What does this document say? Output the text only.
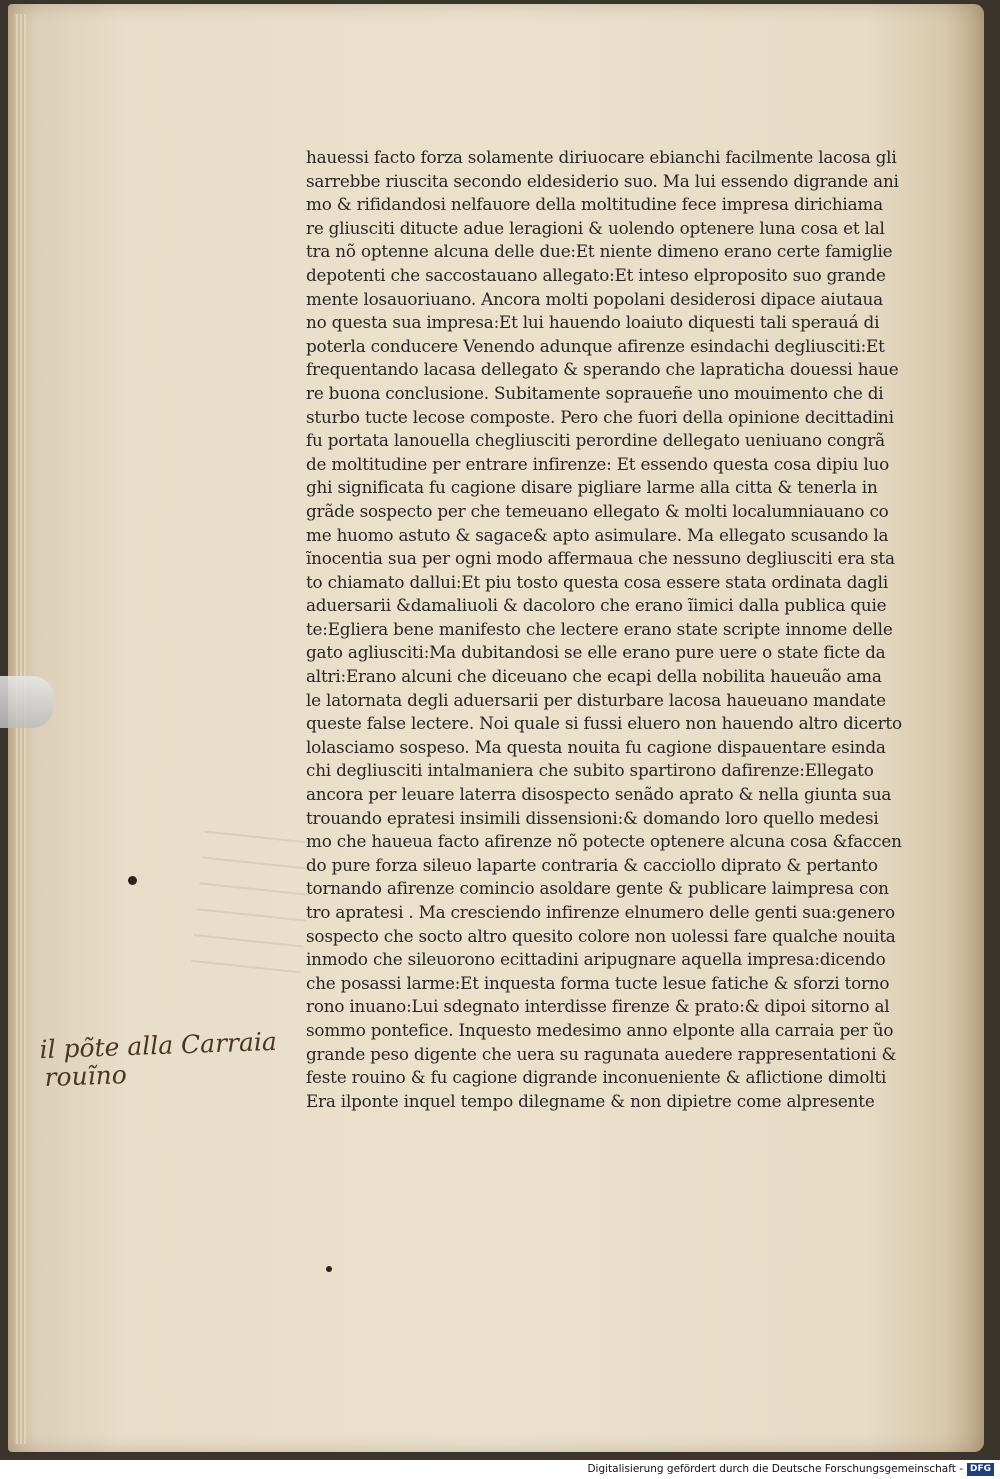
hauessi facto forza solamente diriuocare ebianchi facilmente lacosa gli
sarrebbe riuscita secondo eldesiderio suo. Ma lui essendo digrande ani
mo & rifidandosi nelfauore della moltitudine fece impresa dirichiama
re gliusciti ditucte adue leragioni & uolendo optenere luna cosa et lal
tra nõ optenne alcuna delle due:Et niente dimeno erano certe famiglie
depotenti che saccostauano allegato:Et inteso elproposito suo grande
mente losauoriuano. Ancora molti popolani desiderosi dipace aiutaua
no questa sua impresa:Et lui hauendo loaiuto diquesti tali sperauá di
poterla conducere Venendo adunque afirenze esindachi degliusciti:Et
frequentando lacasa dellegato & sperando che lapraticha douessi haue
re buona conclusione. Subitamente sopraueñe uno mouimento che di
sturbo tucte lecose composte. Pero che fuori della opinione decittadini
fu portata lanouella chegliusciti perordine dellegato ueniuano congrã
de moltitudine per entrare infirenze: Et essendo questa cosa dipiu luo
ghi significata fu cagione disare pigliare larme alla citta & tenerla in
grãde sospecto per che temeuano ellegato & molti localumniauano co
me huomo astuto & sagace& apto asimulare. Ma ellegato scusando la
ĩnocentia sua per ogni modo affermaua che nessuno degliusciti era sta
to chiamato dallui:Et piu tosto questa cosa essere stata ordinata dagli
aduersarii &damaliuoli & dacoloro che erano ĩimici dalla publica quie
te:Egliera bene manifesto che lectere erano state scripte innome delle
gato agliusciti:Ma dubitandosi se elle erano pure uere o state ficte da
altri:Erano alcuni che diceuano che ecapi della nobilita haueuão ama
le latornata degli aduersarii per disturbare lacosa haueuano mandate
queste false lectere. Noi quale si fussi eluero non hauendo altro dicerto
lolasciamo sospeso. Ma questa nouita fu cagione dispauentare esinda
chi degliusciti intalmaniera che subito spartirono dafirenze:Ellegato
ancora per leuare laterra disospecto senãdo aprato & nella giunta sua
trouando epratesi insimili dissensioni:& domando loro quello medesi
mo che haueua facto afirenze nõ potecte optenere alcuna cosa &faccen
do pure forza sileuo laparte contraria & cacciollo diprato & pertanto
tornando afirenze comincio asoldare gente & publicare laimpresa con
tro apratesi . Ma cresciendo infirenze elnumero delle genti sua:genero
sospecto che socto altro quesito colore non uolessi fare qualche nouita
inmodo che sileuorono ecittadini aripugnare aquella impresa:dicendo
che posassi larme:Et inquesta forma tucte lesue fatiche & sforzi torno
rono inuano:Lui sdegnato interdisse firenze & prato:& dipoi sitorno al
sommo pontefice. Inquesto medesimo anno elponte alla carraia per ũo
grande peso digente che uera su ragunata auedere rappresentationi &
feste rouino & fu cagione digrande inconueniente & aflictione dimolti
Era ilponte inquel tempo dilegname & non dipietre come alpresente
il põte alla Carraia
rouĩno
Digitalisierung gefördert durch die Deutsche Forschungsgemeinschaft - DFG
